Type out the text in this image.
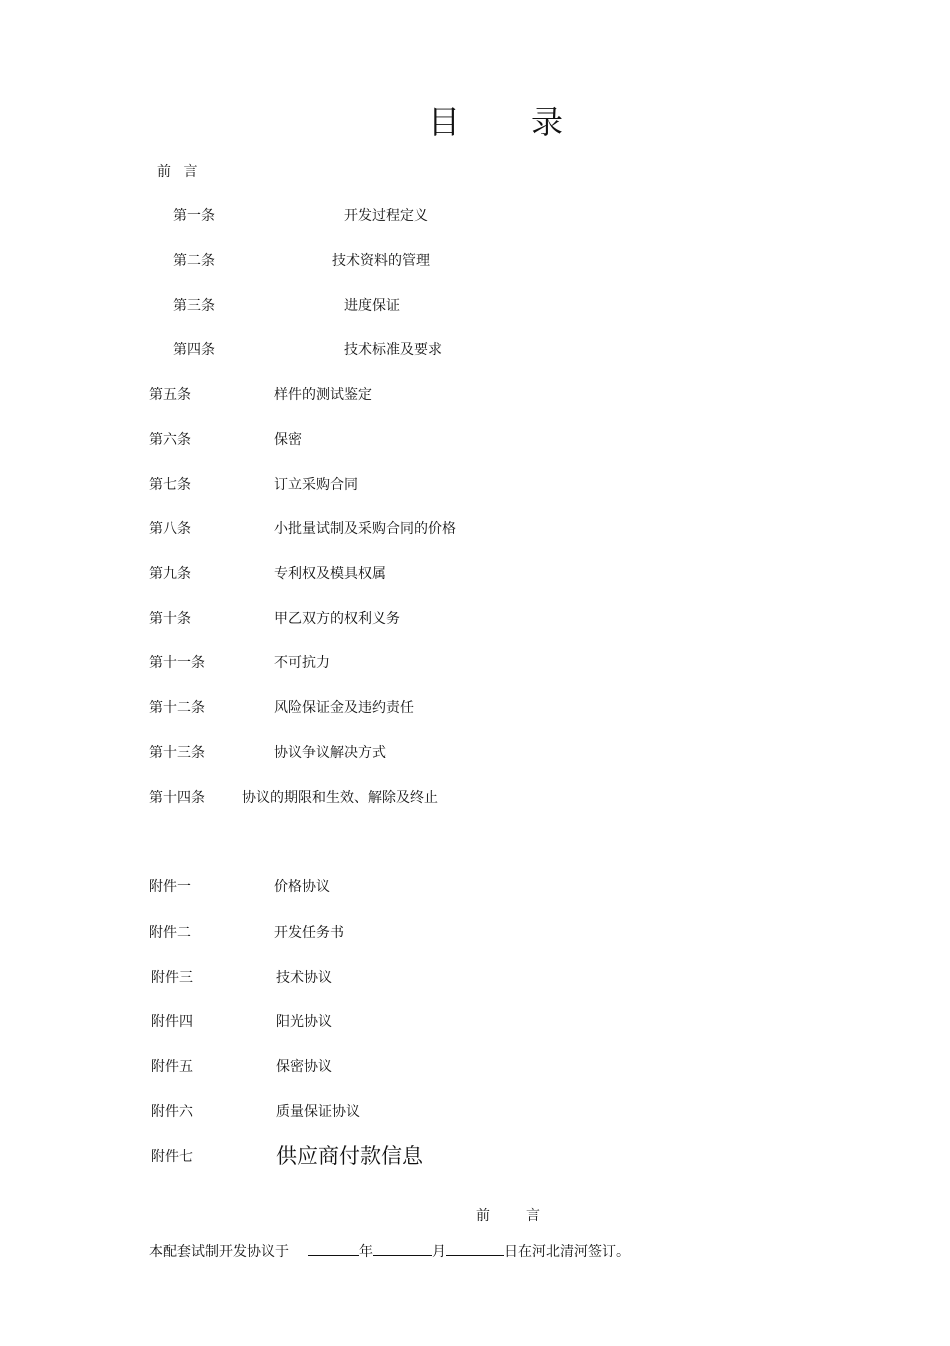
目 录
前 言
第一条	开发过程定义
第二条	技术资料的管理
第三条	进度保证
第四条	技术标准及要求
第五条	样件的测试鉴定
第六条	保密
第七条	订立采购合同
第八条	小批量试制及采购合同的价格
第九条	专利权及模具权属
第十条	甲乙双方的权利义务
第十一条	不可抗力
第十二条	风险保证金及违约责任
第十三条	协议争议解决方式
第十四条	协议的期限和生效、解除及终止
附件一	价格协议
附件二	开发任务书
附件三	技术协议
附件四	阳光协议
附件五	保密协议
附件六	质量保证协议
附件七	供应商付款信息
前	言
本配套试制开发协议于	年	月	日在河北清河签订。
